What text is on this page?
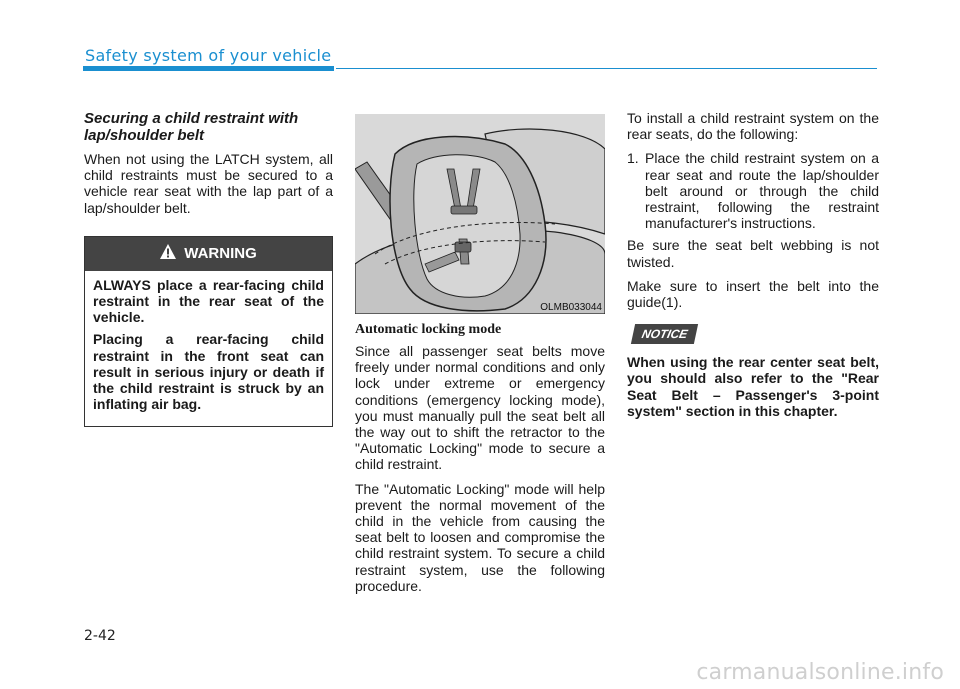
Safety system of your vehicle
Securing a child restraint with lap/shoulder belt

When not using the LATCH system, all child restraints must be secured to a vehicle rear seat with the lap part of a lap/shoulder belt.

WARNING

ALWAYS place a rear-facing child restraint in the rear seat of the vehicle.

Placing a rear-facing child restraint in the front seat can result in serious injury or death if the child restraint is struck by an inflating air bag.

OLMB033044
Automatic locking mode

Since all passenger seat belts move freely under normal conditions and only lock under extreme or emergency conditions (emergency locking mode), you must manually pull the seat belt all the way out to shift the retractor to the "Automatic Locking" mode to secure a child restraint.

The "Automatic Locking" mode will help prevent the normal movement of the child in the vehicle from causing the seat belt to loosen and compromise the child restraint system. To secure a child restraint system, use the following procedure.

To install a child restraint system on the rear seats, do the following:

1. Place the child restraint system on a rear seat and route the lap/shoulder belt around or through the child restraint, following the restraint manufacturer's instructions.

Be sure the seat belt webbing is not twisted.

Make sure to insert the belt into the guide(1).

NOTICE

When using the rear center seat belt, you should also refer to the "Rear Seat Belt – Passenger's 3-point system" section in this chapter.

2-42
carmanualsonline.info
